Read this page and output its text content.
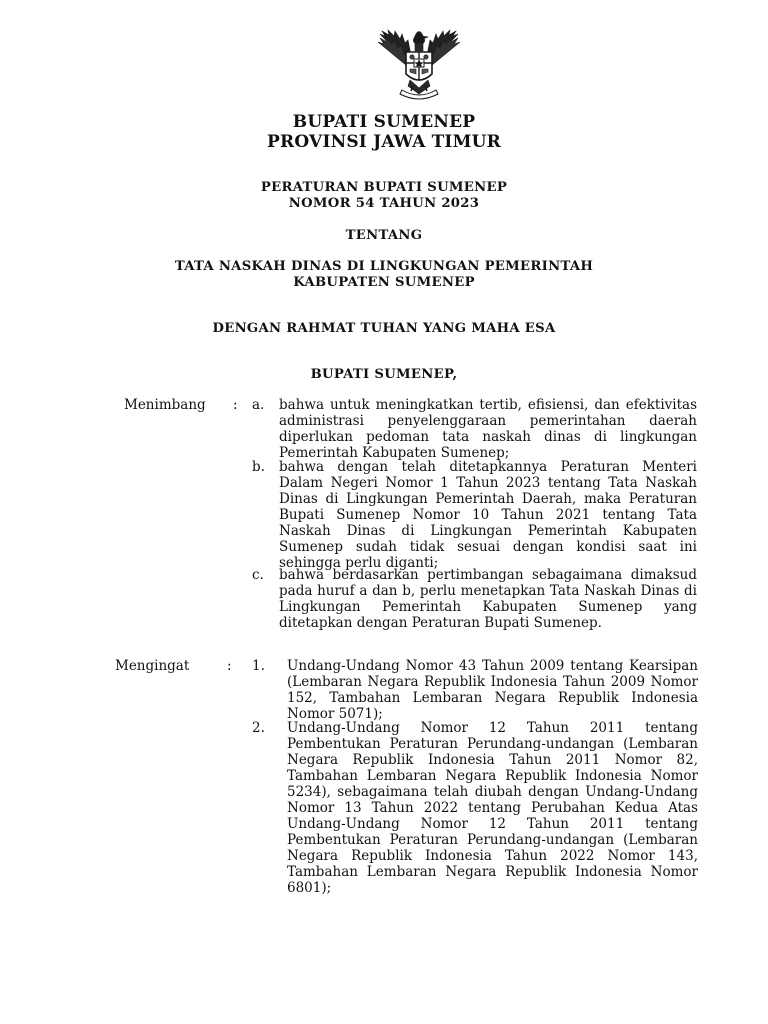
BUPATI SUMENEP
PROVINSI JAWA TIMUR
PERATURAN BUPATI SUMENEP
NOMOR 54 TAHUN 2023
TENTANG
TATA NASKAH DINAS DI LINGKUNGAN PEMERINTAH
KABUPATEN SUMENEP
DENGAN RAHMAT TUHAN YANG MAHA ESA
BUPATI SUMENEP,
Menimbang : a. bahwa untuk meningkatkan tertib, efisiensi, dan efektivitas administrasi penyelenggaraan pemerintahan daerah diperlukan pedoman tata naskah dinas di lingkungan Pemerintah Kabupaten Sumenep;
b. bahwa dengan telah ditetapkannya Peraturan Menteri Dalam Negeri Nomor 1 Tahun 2023 tentang Tata Naskah Dinas di Lingkungan Pemerintah Daerah, maka Peraturan Bupati Sumenep Nomor 10 Tahun 2021 tentang Tata Naskah Dinas di Lingkungan Pemerintah Kabupaten Sumenep sudah tidak sesuai dengan kondisi saat ini sehingga perlu diganti;
c. bahwa berdasarkan pertimbangan sebagaimana dimaksud pada huruf a dan b, perlu menetapkan Tata Naskah Dinas di Lingkungan Pemerintah Kabupaten Sumenep yang ditetapkan dengan Peraturan Bupati Sumenep.
Mengingat	: 1. Undang-Undang Nomor 43 Tahun 2009 tentang Kearsipan (Lembaran Negara Republik Indonesia Tahun 2009 Nomor 152, Tambahan Lembaran Negara Republik Indonesia Nomor 5071);
2. Undang-Undang Nomor 12 Tahun 2011 tentang Pembentukan Peraturan Perundang-undangan (Lembaran Negara Republik Indonesia Tahun 2011 Nomor 82, Tambahan Lembaran Negara Republik Indonesia Nomor 5234), sebagaimana telah diubah dengan Undang-Undang Nomor 13 Tahun 2022 tentang Perubahan Kedua Atas Undang-Undang Nomor 12 Tahun 2011 tentang Pembentukan Peraturan Perundang-undangan (Lembaran Negara Republik Indonesia Tahun 2022 Nomor 143, Tambahan Lembaran Negara Republik Indonesia Nomor 6801);
